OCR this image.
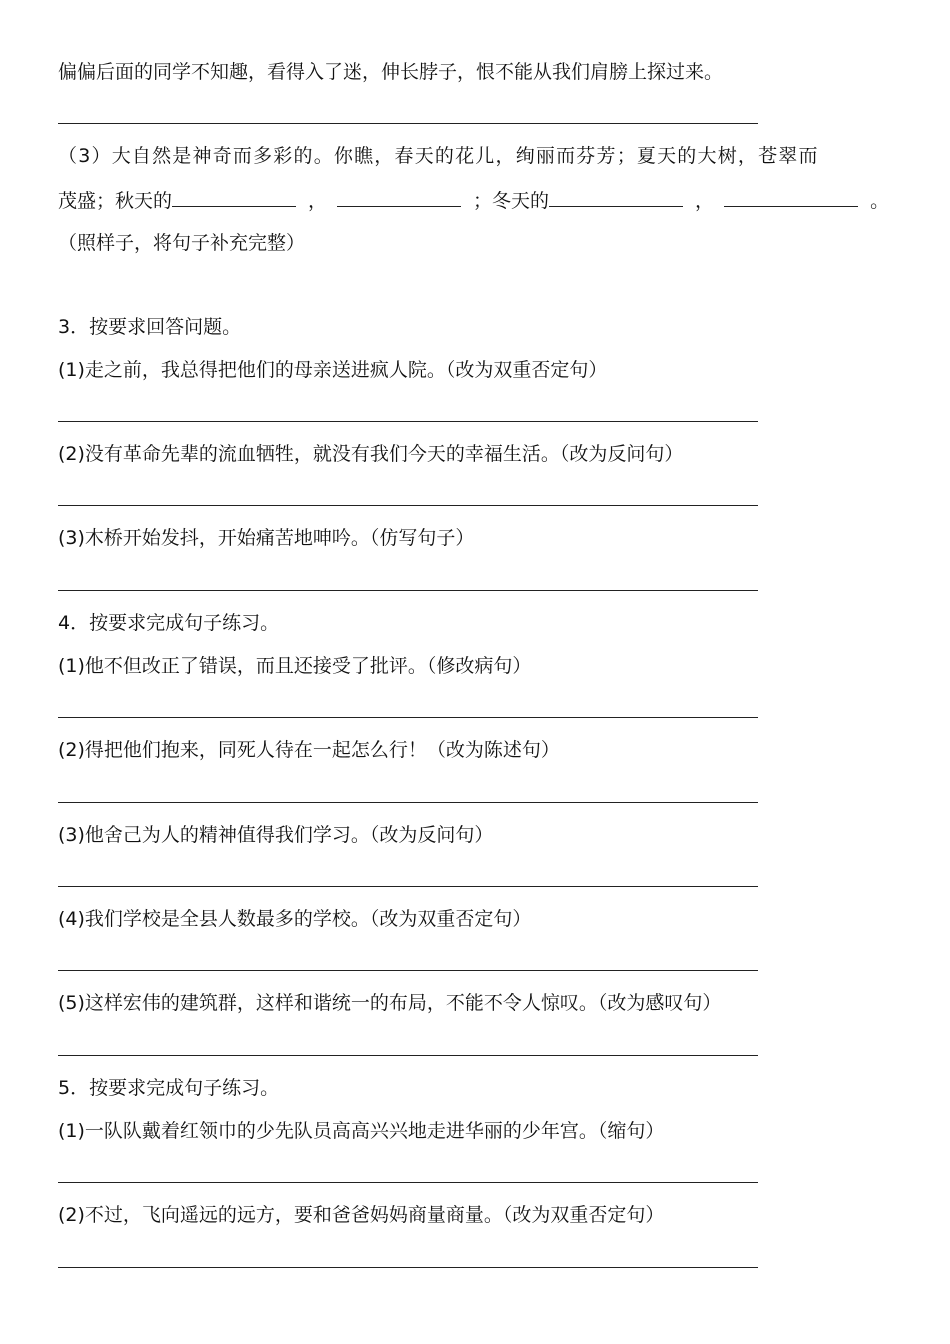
偏偏后面的同学不知趣，看得入了迷，伸长脖子，恨不能从我们肩膀上探过来。
（3）大自然是神奇而多彩的。你瞧，春天的花儿，绚丽而芬芳；夏天的大树，苍翠而
茂盛；秋天的	，	；冬天的	，	。
（照样子，将句子补充完整）
3．按要求回答问题。
(1)走之前，我总得把他们的母亲送进疯人院。（改为双重否定句）
(2)没有革命先辈的流血牺牲，就没有我们今天的幸福生活。（改为反问句）
(3)木桥开始发抖，开始痛苦地呻吟。（仿写句子）
4．按要求完成句子练习。
(1)他不但改正了错误，而且还接受了批评。（修改病句）
(2)得把他们抱来，同死人待在一起怎么行！（改为陈述句）
(3)他舍己为人的精神值得我们学习。（改为反问句）
(4)我们学校是全县人数最多的学校。（改为双重否定句）
(5)这样宏伟的建筑群，这样和谐统一的布局，不能不令人惊叹。（改为感叹句）
5．按要求完成句子练习。
(1)一队队戴着红领巾的少先队员高高兴兴地走进华丽的少年宫。（缩句）
(2)不过，飞向遥远的远方，要和爸爸妈妈商量商量。（改为双重否定句）
